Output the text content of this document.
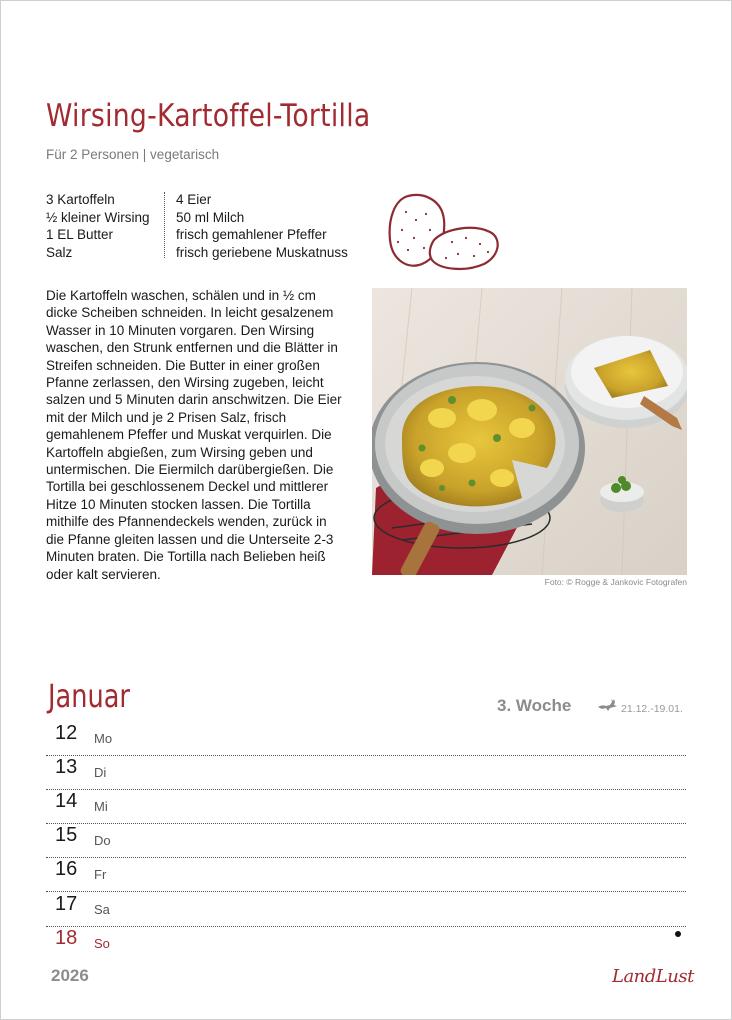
Wirsing-Kartoffel-Tortilla
Für 2 Personen | vegetarisch
3 Kartoffeln
½ kleiner Wirsing
1 EL Butter
Salz
4 Eier
50 ml Milch
frisch gemahlener Pfeffer
frisch geriebene Muskatnuss

Die Kartoffeln waschen, schälen und in ½ cm dicke Scheiben schneiden. In leicht gesalzenem Wasser in 10 Minuten vorgaren. Den Wirsing waschen, den Strunk entfernen und die Blätter in Streifen schneiden. Die Butter in einer großen Pfanne zerlassen, den Wirsing zugeben, leicht salzen und 5 Minuten darin anschwitzen. Die Eier mit der Milch und je 2 Prisen Salz, frisch gemahlenem Pfeffer und Muskat verquirlen. Die Kartoffeln abgießen, zum Wirsing geben und untermischen. Die Eiermilch darübergießen. Die Tortilla bei geschlossenem Deckel und mittlerer Hitze 10 Minuten stocken lassen. Die Tortilla mithilfe des Pfannendeckels wenden, zurück in die Pfanne gleiten lassen und die Unterseite 2-3 Minuten braten. Die Tortilla nach Belieben heiß oder kalt servieren.

Foto: © Rogge & Jankovic Fotografen
Januar	3. Woche	21.12.-19.01.
12 Mo
13 Di
14 Mi
15 Do
16 Fr
17 Sa
18 So
2026	LandLust
